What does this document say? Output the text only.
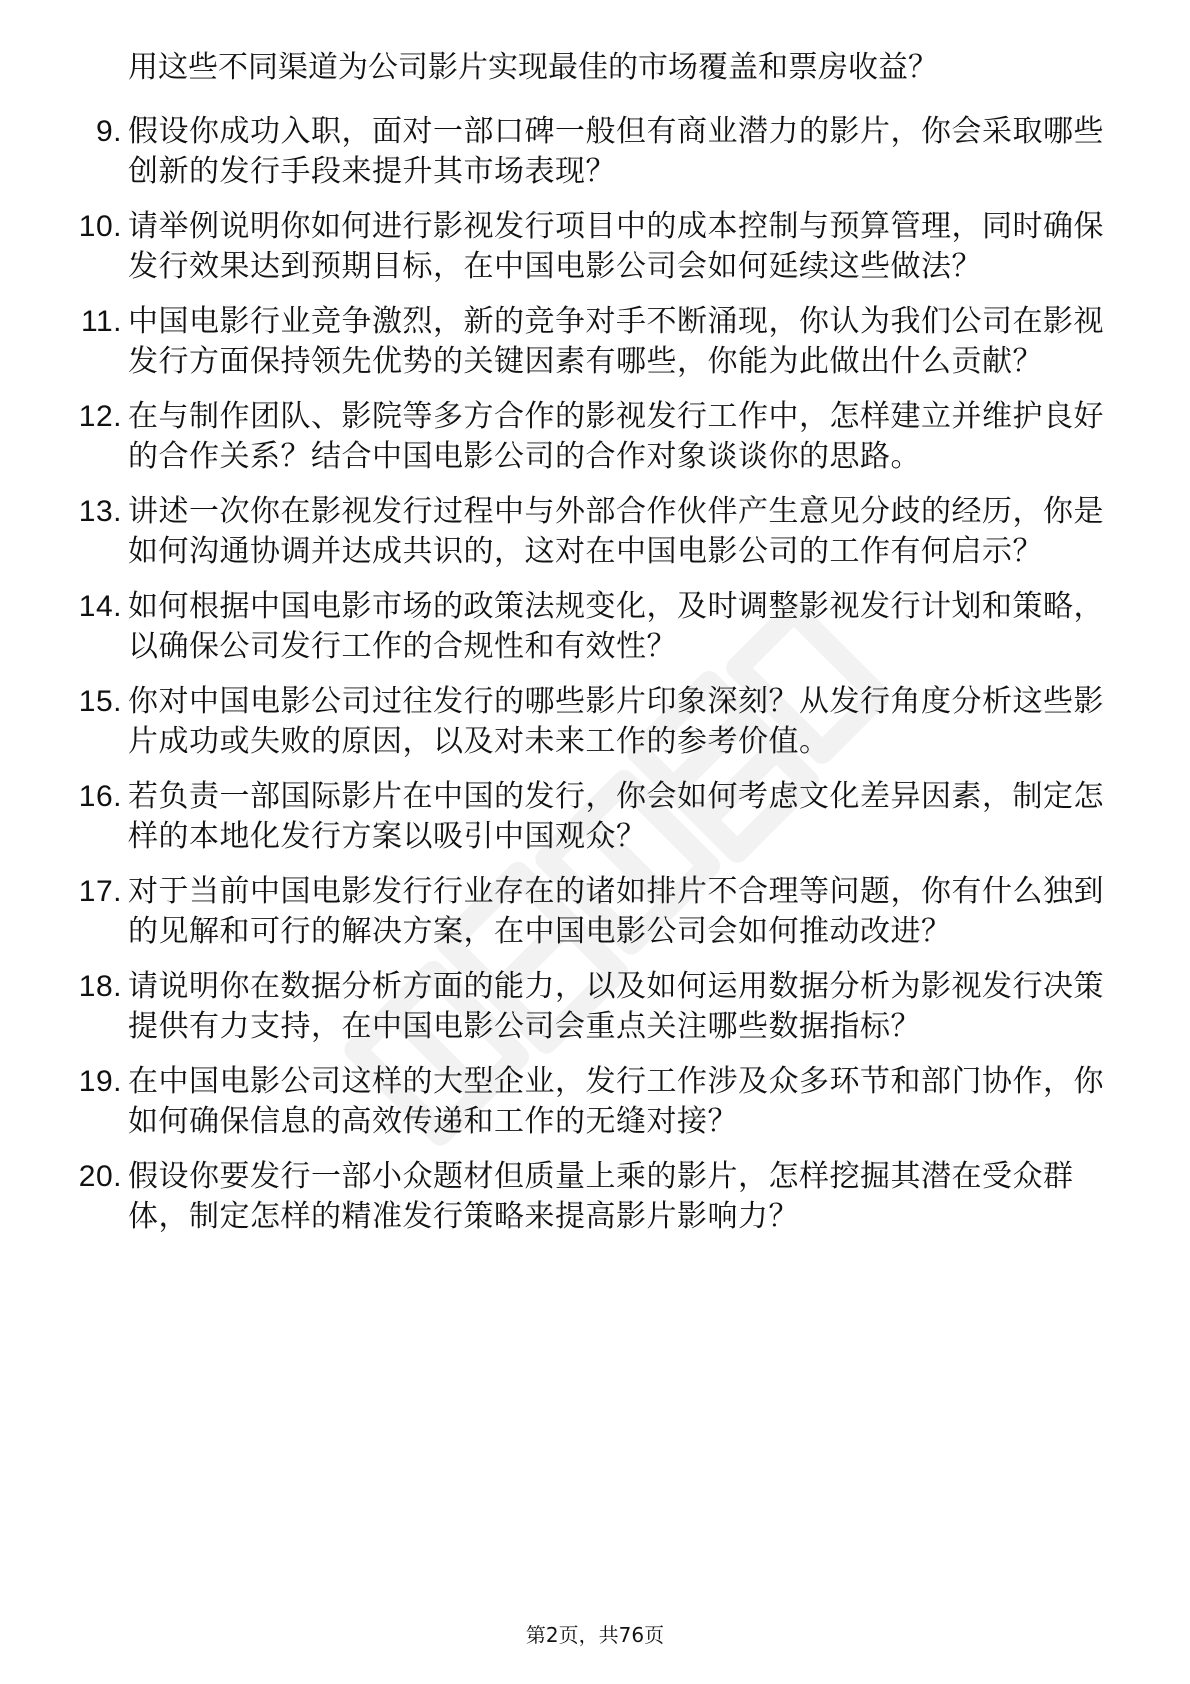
用这些不同渠道为公司影片实现最佳的市场覆盖和票房收益？

9. 假设你成功入职，面对一部口碑一般但有商业潜力的影片，你会采取哪些创新的发行手段来提升其市场表现？
10. 请举例说明你如何进行影视发行项目中的成本控制与预算管理，同时确保发行效果达到预期目标，在中国电影公司会如何延续这些做法？
11. 中国电影行业竞争激烈，新的竞争对手不断涌现，你认为我们公司在影视发行方面保持领先优势的关键因素有哪些，你能为此做出什么贡献？
12. 在与制作团队、影院等多方合作的影视发行工作中，怎样建立并维护良好的合作关系？结合中国电影公司的合作对象谈谈你的思路。
13. 讲述一次你在影视发行过程中与外部合作伙伴产生意见分歧的经历，你是如何沟通协调并达成共识的，这对在中国电影公司的工作有何启示？
14. 如何根据中国电影市场的政策法规变化，及时调整影视发行计划和策略，以确保公司发行工作的合规性和有效性？
15. 你对中国电影公司过往发行的哪些影片印象深刻？从发行角度分析这些影片成功或失败的原因，以及对未来工作的参考价值。
16. 若负责一部国际影片在中国的发行，你会如何考虑文化差异因素，制定怎样的本地化发行方案以吸引中国观众？
17. 对于当前中国电影发行行业存在的诸如排片不合理等问题，你有什么独到的见解和可行的解决方案，在中国电影公司会如何推动改进？
18. 请说明你在数据分析方面的能力，以及如何运用数据分析为影视发行决策提供有力支持，在中国电影公司会重点关注哪些数据指标？
19. 在中国电影公司这样的大型企业，发行工作涉及众多环节和部门协作，你如何确保信息的高效传递和工作的无缝对接？
20. 假设你要发行一部小众题材但质量上乘的影片，怎样挖掘其潜在受众群体，制定怎样的精准发行策略来提高影片影响力？
第2页，共76页
